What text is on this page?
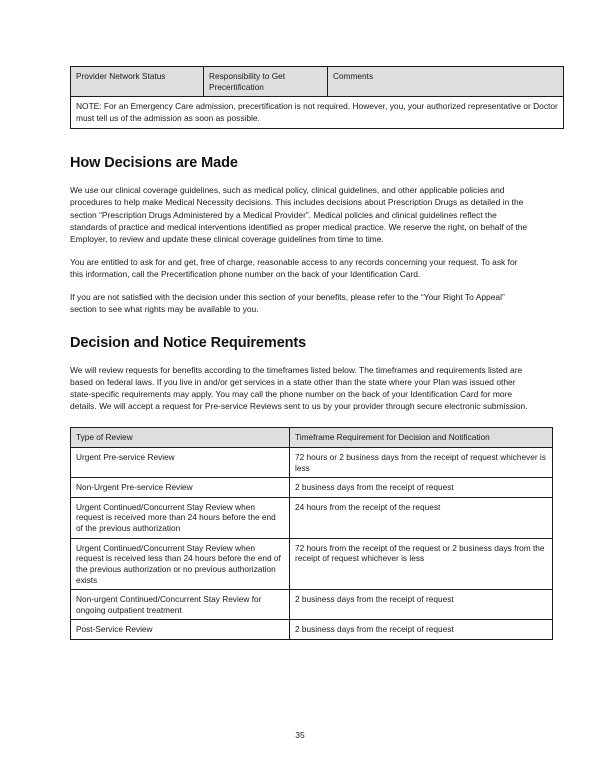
Provider Network Status	Responsibility to Get Precertification	Comments
NOTE: For an Emergency Care admission, precertification is not required. However, you, your authorized representative or Doctor must tell us of the admission as soon as possible.
How Decisions are Made

We use our clinical coverage guidelines, such as medical policy, clinical guidelines, and other applicable policies and procedures to help make Medical Necessity decisions. This includes decisions about Prescription Drugs as detailed in the section “Prescription Drugs Administered by a Medical Provider”. Medical policies and clinical guidelines reflect the standards of practice and medical interventions identified as proper medical practice. We reserve the right, on behalf of the Employer, to review and update these clinical coverage guidelines from time to time.

You are entitled to ask for and get, free of charge, reasonable access to any records concerning your request. To ask for this information, call the Precertification phone number on the back of your Identification Card.

If you are not satisfied with the decision under this section of your benefits, please refer to the “Your Right To Appeal” section to see what rights may be available to you.

Decision and Notice Requirements

We will review requests for benefits according to the timeframes listed below. The timeframes and requirements listed are based on federal laws. If you live in and/or get services in a state other than the state where your Plan was issued other state-specific requirements may apply. You may call the phone number on the back of your Identification Card for more details. We will accept a request for Pre-service Reviews sent to us by your provider through secure electronic submission.

Type of Review	Timeframe Requirement for Decision and Notification
Urgent Pre-service Review	72 hours or 2 business days from the receipt of request whichever is less
Non-Urgent Pre-service Review	2 business days from the receipt of request
Urgent Continued/Concurrent Stay Review when request is received more than 24 hours before the end of the previous authorization	24 hours from the receipt of the request
Urgent Continued/Concurrent Stay Review when request is received less than 24 hours before the end of the previous authorization or no previous authorization exists	72 hours from the receipt of the request or 2 business days from the receipt of request whichever is less
Non-urgent Continued/Concurrent Stay Review for ongoing outpatient treatment	2 business days from the receipt of request
Post-Service Review	2 business days from the receipt of request
35
